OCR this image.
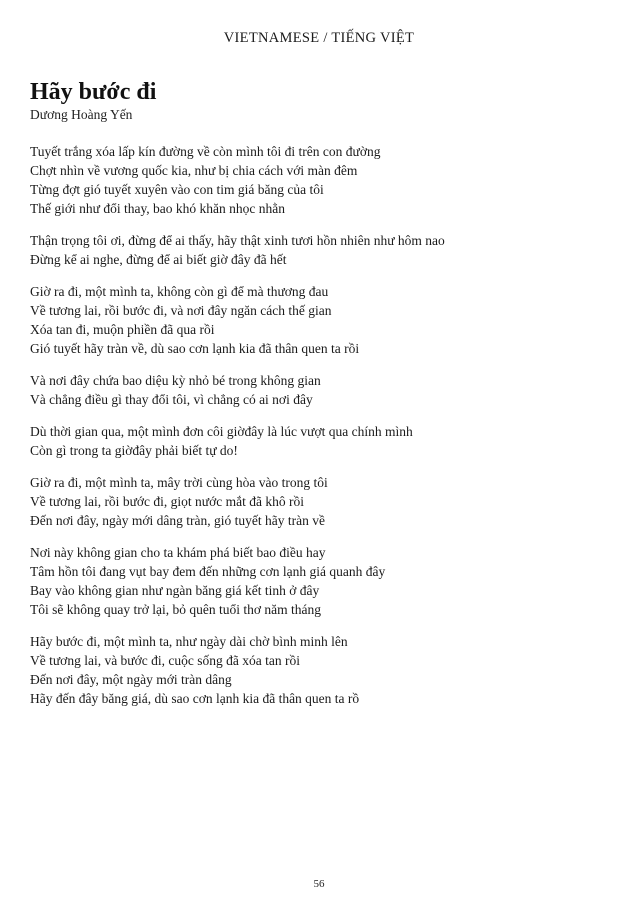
VIETNAMESE / TIẾNG VIỆT
Hãy bước đi

Dương Hoàng Yến

Tuyết trắng xóa lấp kín đường về còn mình tôi đi trên con đường
Chợt nhìn về vương quốc kia, như bị chia cách với màn đêm
Từng đợt gió tuyết xuyên vào con tim giá băng của tôi
Thế giới như đổi thay, bao khó khăn nhọc nhằn
Thận trọng tôi ơi, đừng để ai thấy, hãy thật xinh tươi hồn nhiên như hôm nao
Đừng kể ai nghe, đừng để ai biết giờ đây đã hết
Giờ ra đi, một mình ta, không còn gì để mà thương đau
Về tương lai, rồi bước đi, và nơi đây ngăn cách thế gian
Xóa tan đi, muộn phiền đã qua rồi
Gió tuyết hãy tràn về, dù sao cơn lạnh kia đã thân quen ta rồi
Và nơi đây chứa bao diệu kỳ nhỏ bé trong không gian
Và chẳng điều gì thay đổi tôi, vì chẳng có ai nơi đây
Dù thời gian qua, một mình đơn côi giờđây là lúc vượt qua chính mình
Còn gì trong ta giờđây phải biết tự do!
Giờ ra đi, một mình ta, mây trời cùng hòa vào trong tôi
Về tương lai, rồi bước đi, giọt nước mắt đã khô rồi
Đến nơi đây, ngày mới dâng tràn, gió tuyết hãy tràn về
Nơi này không gian cho ta khám phá biết bao điều hay
Tâm hồn tôi đang vụt bay đem đến những cơn lạnh giá quanh đây
Bay vào không gian như ngàn băng giá kết tinh ở đây
Tôi sẽ không quay trở lại, bỏ quên tuổi thơ năm tháng
Hãy bước đi, một mình ta, như ngày dài chờ bình minh lên
Về tương lai, và bước đi, cuộc sống đã xóa tan rồi
Đến nơi đây, một ngày mới tràn dâng
Hãy đến đây băng giá, dù sao cơn lạnh kia đã thân quen ta rồ
56
